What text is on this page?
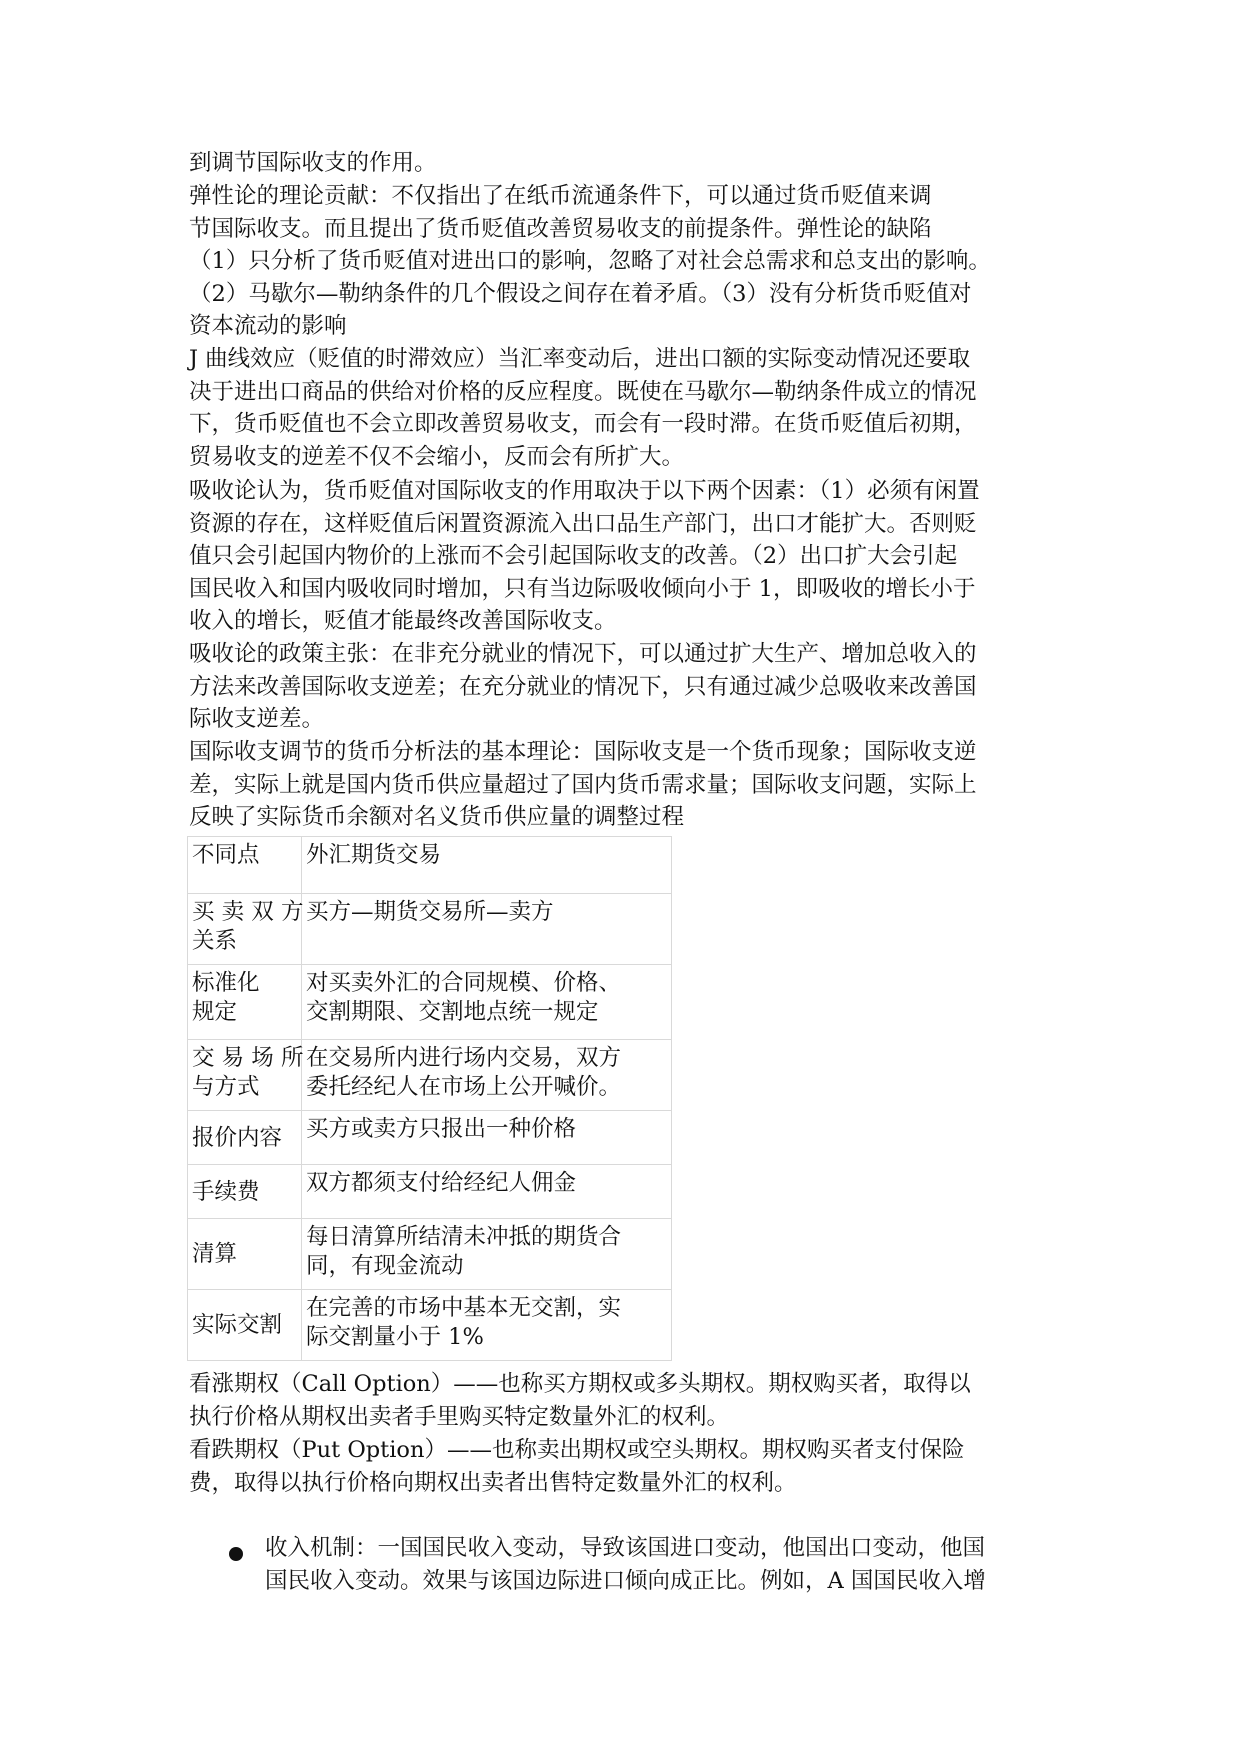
到调节国际收支的作用。
弹性论的理论贡献：不仅指出了在纸币流通条件下，可以通过货币贬值来调
节国际收支。而且提出了货币贬值改善贸易收支的前提条件。弹性论的缺陷
（1）只分析了货币贬值对进出口的影响，忽略了对社会总需求和总支出的影响。
（2）马歇尔—勒纳条件的几个假设之间存在着矛盾。（3）没有分析货币贬值对
资本流动的影响
J 曲线效应（贬值的时滞效应）当汇率变动后，进出口额的实际变动情况还要取
决于进出口商品的供给对价格的反应程度。既使在马歇尔—勒纳条件成立的情况
下，货币贬值也不会立即改善贸易收支，而会有一段时滞。在货币贬值后初期，
贸易收支的逆差不仅不会缩小，反而会有所扩大。
吸收论认为，货币贬值对国际收支的作用取决于以下两个因素：（1）必须有闲置
资源的存在，这样贬值后闲置资源流入出口品生产部门，出口才能扩大。否则贬
值只会引起国内物价的上涨而不会引起国际收支的改善。（2）出口扩大会引起
国民收入和国内吸收同时增加，只有当边际吸收倾向小于 1，即吸收的增长小于
收入的增长，贬值才能最终改善国际收支。
吸收论的政策主张：在非充分就业的情况下，可以通过扩大生产、增加总收入的
方法来改善国际收支逆差；在充分就业的情况下，只有通过减少总吸收来改善国
际收支逆差。
国际收支调节的货币分析法的基本理论：国际收支是一个货币现象；国际收支逆
差，实际上就是国内货币供应量超过了国内货币需求量；国际收支问题，实际上
反映了实际货币余额对名义货币供应量的调整过程
不同点	外汇期货交易

买 卖 双 方
关系	买方—期货交易所—卖方

标准化
规定	对买卖外汇的合同规模、价格、
交割期限、交割地点统一规定

交 易 场 所
与方式	在交易所内进行场内交易，双方
委托经纪人在市场上公开喊价。

报价内容	买方或卖方只报出一种价格

手续费	双方都须支付给经纪人佣金

清算	每日清算所结清未冲抵的期货合
同，有现金流动

实际交割	在完善的市场中基本无交割，实
际交割量小于 1%
看涨期权（Call Option）——也称买方期权或多头期权。期权购买者，取得以
执行价格从期权出卖者手里购买特定数量外汇的权利。
看跌期权（Put Option）——也称卖出期权或空头期权。期权购买者支付保险
费，取得以执行价格向期权出卖者出售特定数量外汇的权利。
收入机制：一国国民收入变动，导致该国进口变动，他国出口变动，他国
国民收入变动。效果与该国边际进口倾向成正比。例如，A 国国民收入增
